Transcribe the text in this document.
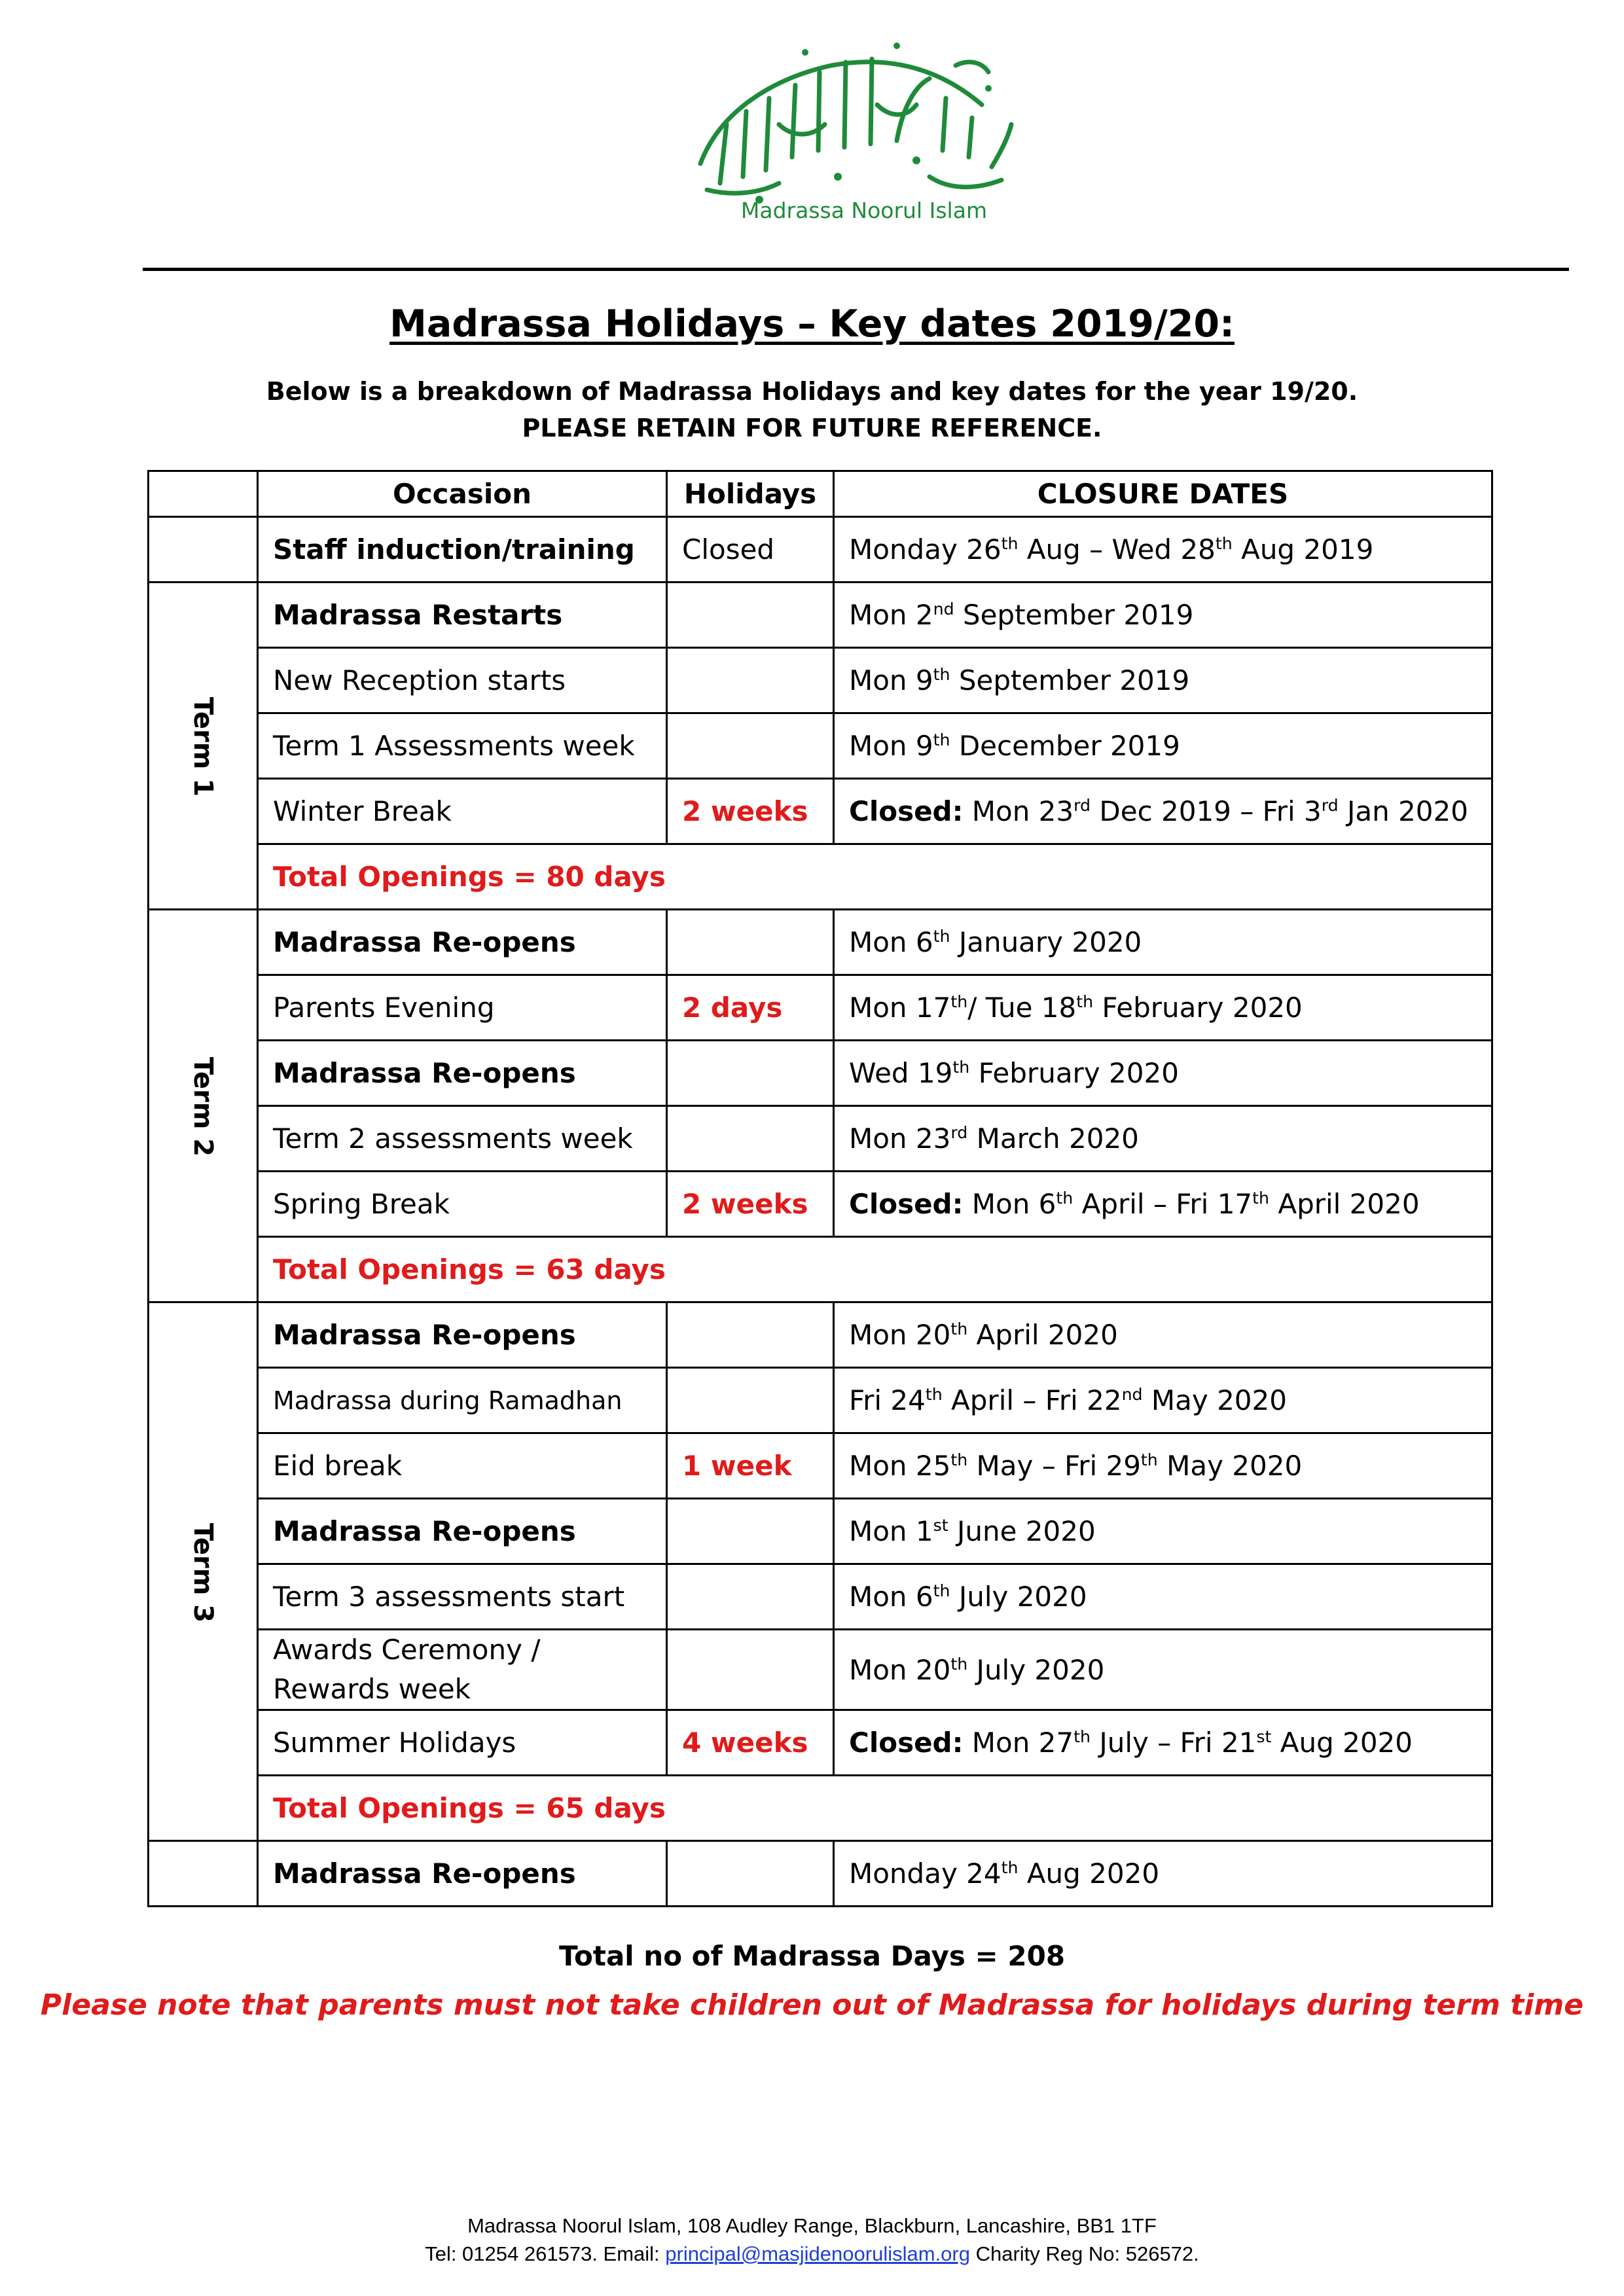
Madrassa Noorul Islam
Madrassa Holidays – Key dates 2019/20:
Below is a breakdown of Madrassa Holidays and key dates for the year 19/20.
PLEASE RETAIN FOR FUTURE REFERENCE.
	Occasion	Holidays	CLOSURE DATES
	Staff induction/training	Closed	Monday 26th Aug – Wed 28th Aug 2019
Term 1	Madrassa Restarts		Mon 2nd September 2019
	New Reception starts		Mon 9th September 2019
	Term 1 Assessments week		Mon 9th December 2019
	Winter Break	2 weeks	Closed: Mon 23rd Dec 2019 – Fri 3rd Jan 2020
	Total Openings = 80 days		
Term 2	Madrassa Re-opens		Mon 6th January 2020
	Parents Evening	2 days	Mon 17th/ Tue 18th February 2020
	Madrassa Re-opens		Wed 19th February 2020
	Term 2 assessments week		Mon 23rd March 2020
	Spring Break	2 weeks	Closed: Mon 6th April – Fri 17th April 2020
	Total Openings = 63 days		
Term 3	Madrassa Re-opens		Mon 20th April 2020
	Madrassa during Ramadhan		Fri 24th April – Fri 22nd May 2020
	Eid break	1 week	Mon 25th May – Fri 29th May 2020
	Madrassa Re-opens		Mon 1st June 2020
	Term 3 assessments start		Mon 6th July 2020
	Awards Ceremony /
Rewards week		Mon 20th July 2020
	Summer Holidays	4 weeks	Closed: Mon 27th July – Fri 21st Aug 2020
	Total Openings = 65 days		
	Madrassa Re-opens		Monday 24th Aug 2020
Total no of Madrassa Days = 208
Please note that parents must not take children out of Madrassa for holidays during term time
Madrassa Noorul Islam, 108 Audley Range, Blackburn, Lancashire, BB1 1TF
Tel: 01254 261573. Email: principal@masjidenoorulislam.org Charity Reg No: 526572.
